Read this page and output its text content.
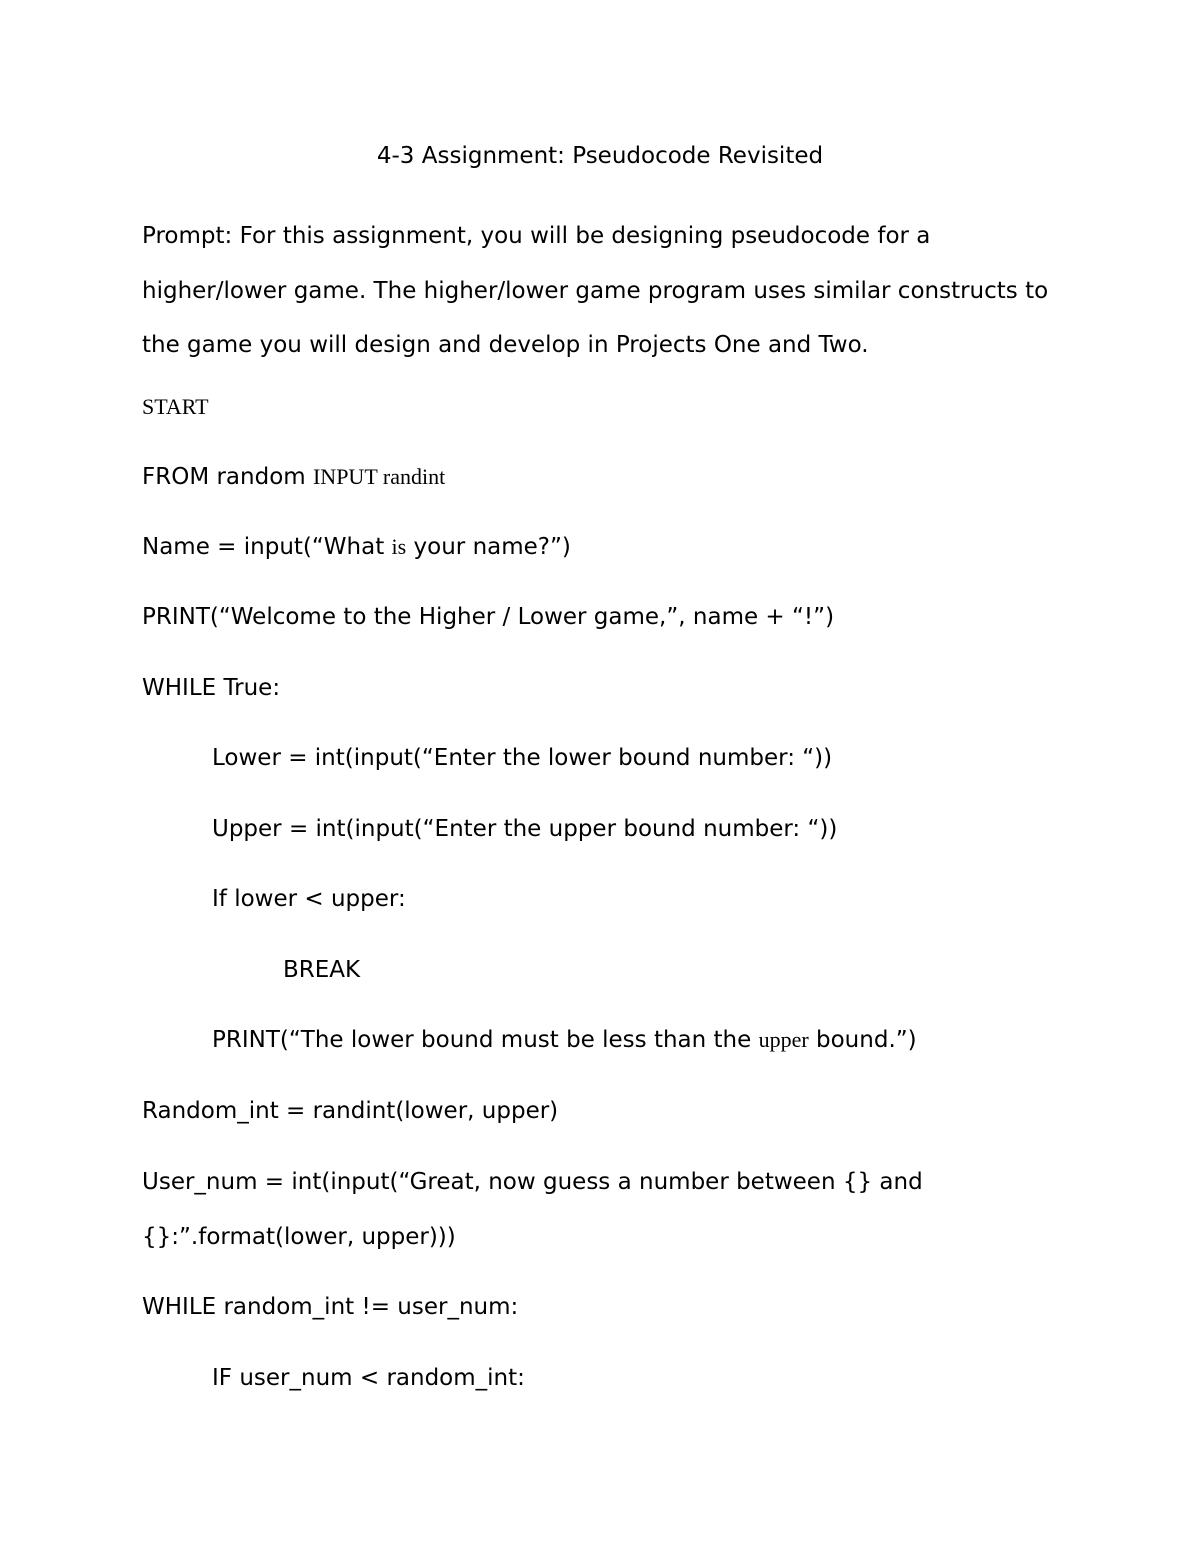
4-3 Assignment: Pseudocode Revisited
Prompt: For this assignment, you will be designing pseudocode for a higher/lower game. The higher/lower game program uses similar constructs to the game you will design and develop in Projects One and Two.
START
FROM random INPUT randint
Name = input(“What is your name?”)
PRINT(“Welcome to the Higher / Lower game,”, name + “!”)
WHILE True:
Lower = int(input(“Enter the lower bound number: “))
Upper = int(input(“Enter the upper bound number: “))
If lower < upper:
BREAK
PRINT(“The lower bound must be less than the upper bound.”)
Random_int = randint(lower, upper)
User_num = int(input(“Great, now guess a number between {} and
{}:”.format(lower, upper)))
WHILE random_int != user_num:
IF user_num < random_int:
